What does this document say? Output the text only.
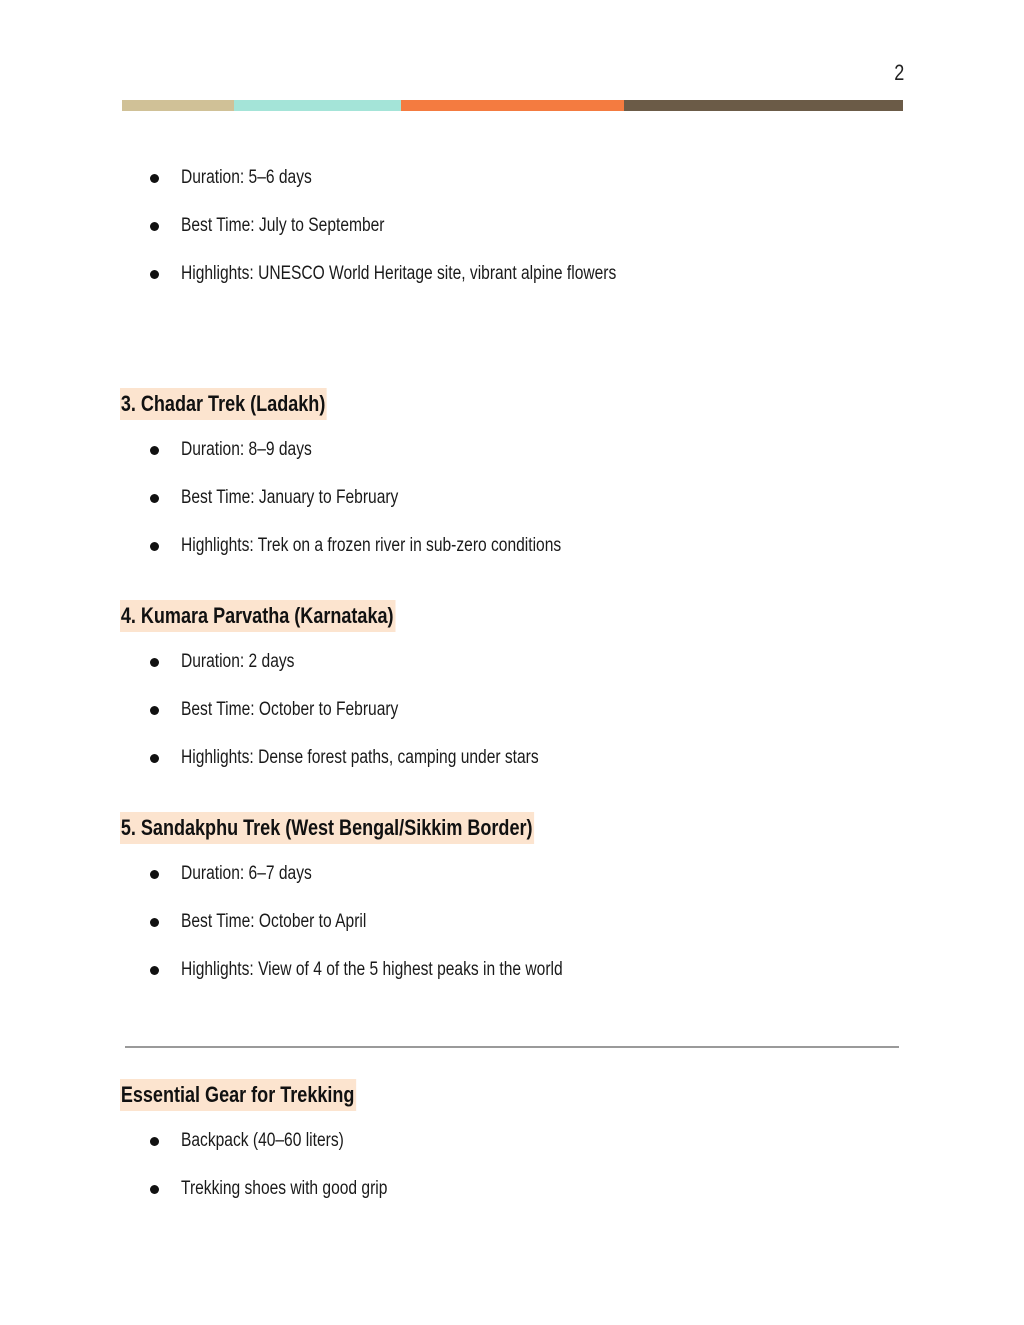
2
Duration: 5–6 days
Best Time: July to September
Highlights: UNESCO World Heritage site, vibrant alpine flowers
3. Chadar Trek (Ladakh)
Duration: 8–9 days
Best Time: January to February
Highlights: Trek on a frozen river in sub-zero conditions
4. Kumara Parvatha (Karnataka)
Duration: 2 days
Best Time: October to February
Highlights: Dense forest paths, camping under stars
5. Sandakphu Trek (West Bengal/Sikkim Border)
Duration: 6–7 days
Best Time: October to April
Highlights: View of 4 of the 5 highest peaks in the world
Essential Gear for Trekking
Backpack (40–60 liters)
Trekking shoes with good grip
